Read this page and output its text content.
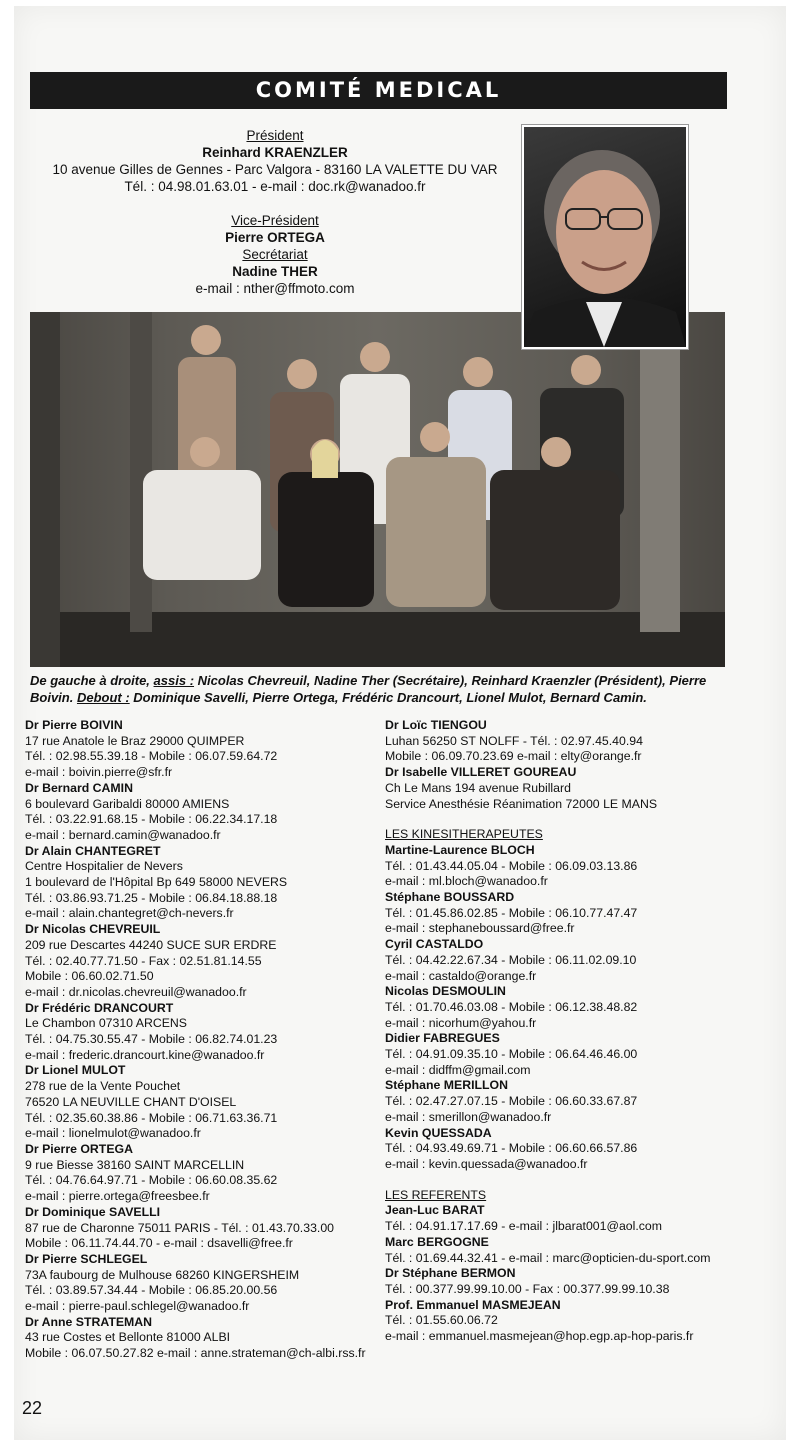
COMITÉ MEDICAL
Président
Reinhard KRAENZLER
10 avenue Gilles de Gennes - Parc Valgora - 83160 LA VALETTE DU VAR
Tél. : 04.98.01.63.01 - e-mail : doc.rk@wanadoo.fr
Vice-Président
Pierre ORTEGA
Secrétariat
Nadine THER
e-mail : nther@ffmoto.com
De gauche à droite, assis : Nicolas Chevreuil, Nadine Ther (Secrétaire), Reinhard Kraenzler (Président), Pierre Boivin. Debout : Dominique Savelli, Pierre Ortega, Frédéric Drancourt, Lionel Mulot, Bernard Camin.
Dr Pierre BOIVIN
17 rue Anatole le Braz 29000 QUIMPER
Tél. : 02.98.55.39.18 - Mobile : 06.07.59.64.72
e-mail : boivin.pierre@sfr.fr
Dr Bernard CAMIN
6 boulevard Garibaldi 80000 AMIENS
Tél. : 03.22.91.68.15 - Mobile : 06.22.34.17.18
e-mail : bernard.camin@wanadoo.fr
Dr Alain CHANTEGRET
Centre Hospitalier de Nevers
1 boulevard de l'Hôpital Bp 649 58000 NEVERS
Tél. : 03.86.93.71.25 - Mobile : 06.84.18.88.18
e-mail : alain.chantegret@ch-nevers.fr
Dr Nicolas CHEVREUIL
209 rue Descartes 44240 SUCE SUR ERDRE
Tél. : 02.40.77.71.50 - Fax : 02.51.81.14.55
Mobile : 06.60.02.71.50
e-mail : dr.nicolas.chevreuil@wanadoo.fr
Dr Frédéric DRANCOURT
Le Chambon 07310 ARCENS
Tél. : 04.75.30.55.47 - Mobile : 06.82.74.01.23
e-mail : frederic.drancourt.kine@wanadoo.fr
Dr Lionel MULOT
278 rue de la Vente Pouchet
76520 LA NEUVILLE CHANT D'OISEL
Tél. : 02.35.60.38.86 - Mobile : 06.71.63.36.71
e-mail : lionelmulot@wanadoo.fr
Dr Pierre ORTEGA
9 rue Biesse 38160 SAINT MARCELLIN
Tél. : 04.76.64.97.71 - Mobile : 06.60.08.35.62
e-mail : pierre.ortega@freesbee.fr
Dr Dominique SAVELLI
87 rue de Charonne 75011 PARIS - Tél. : 01.43.70.33.00
Mobile : 06.11.74.44.70 - e-mail : dsavelli@free.fr
Dr Pierre SCHLEGEL
73A faubourg de Mulhouse 68260 KINGERSHEIM
Tél. : 03.89.57.34.44 - Mobile : 06.85.20.00.56
e-mail : pierre-paul.schlegel@wanadoo.fr
Dr Anne STRATEMAN
43 rue Costes et Bellonte 81000 ALBI
Mobile : 06.07.50.27.82 e-mail : anne.strateman@ch-albi.rss.fr
Dr Loïc TIENGOU
Luhan 56250 ST NOLFF - Tél. : 02.97.45.40.94
Mobile : 06.09.70.23.69 e-mail : elty@orange.fr
Dr Isabelle VILLERET GOUREAU
Ch Le Mans 194 avenue Rubillard
Service Anesthésie Réanimation 72000 LE MANS
LES KINESITHERAPEUTES
Martine-Laurence BLOCH
Tél. : 01.43.44.05.04 - Mobile : 06.09.03.13.86
e-mail : ml.bloch@wanadoo.fr
Stéphane BOUSSARD
Tél. : 01.45.86.02.85 - Mobile : 06.10.77.47.47
e-mail : stephaneboussard@free.fr
Cyril CASTALDO
Tél. : 04.42.22.67.34 - Mobile : 06.11.02.09.10
e-mail : castaldo@orange.fr
Nicolas DESMOULIN
Tél. : 01.70.46.03.08 - Mobile : 06.12.38.48.82
e-mail : nicorhum@yahou.fr
Didier FABREGUES
Tél. : 04.91.09.35.10 - Mobile : 06.64.46.46.00
e-mail : didffm@gmail.com
Stéphane MERILLON
Tél. : 02.47.27.07.15 - Mobile : 06.60.33.67.87
e-mail : smerillon@wanadoo.fr
Kevin QUESSADA
Tél. : 04.93.49.69.71 - Mobile : 06.60.66.57.86
e-mail : kevin.quessada@wanadoo.fr
LES REFERENTS
Jean-Luc BARAT
Tél. : 04.91.17.17.69 - e-mail : jlbarat001@aol.com
Marc BERGOGNE
Tél. : 01.69.44.32.41 - e-mail : marc@opticien-du-sport.com
Dr Stéphane BERMON
Tél. : 00.377.99.99.10.00 - Fax : 00.377.99.99.10.38
Prof. Emmanuel MASMEJEAN
Tél. : 01.55.60.06.72
e-mail : emmanuel.masmejean@hop.egp.ap-hop-paris.fr
22
